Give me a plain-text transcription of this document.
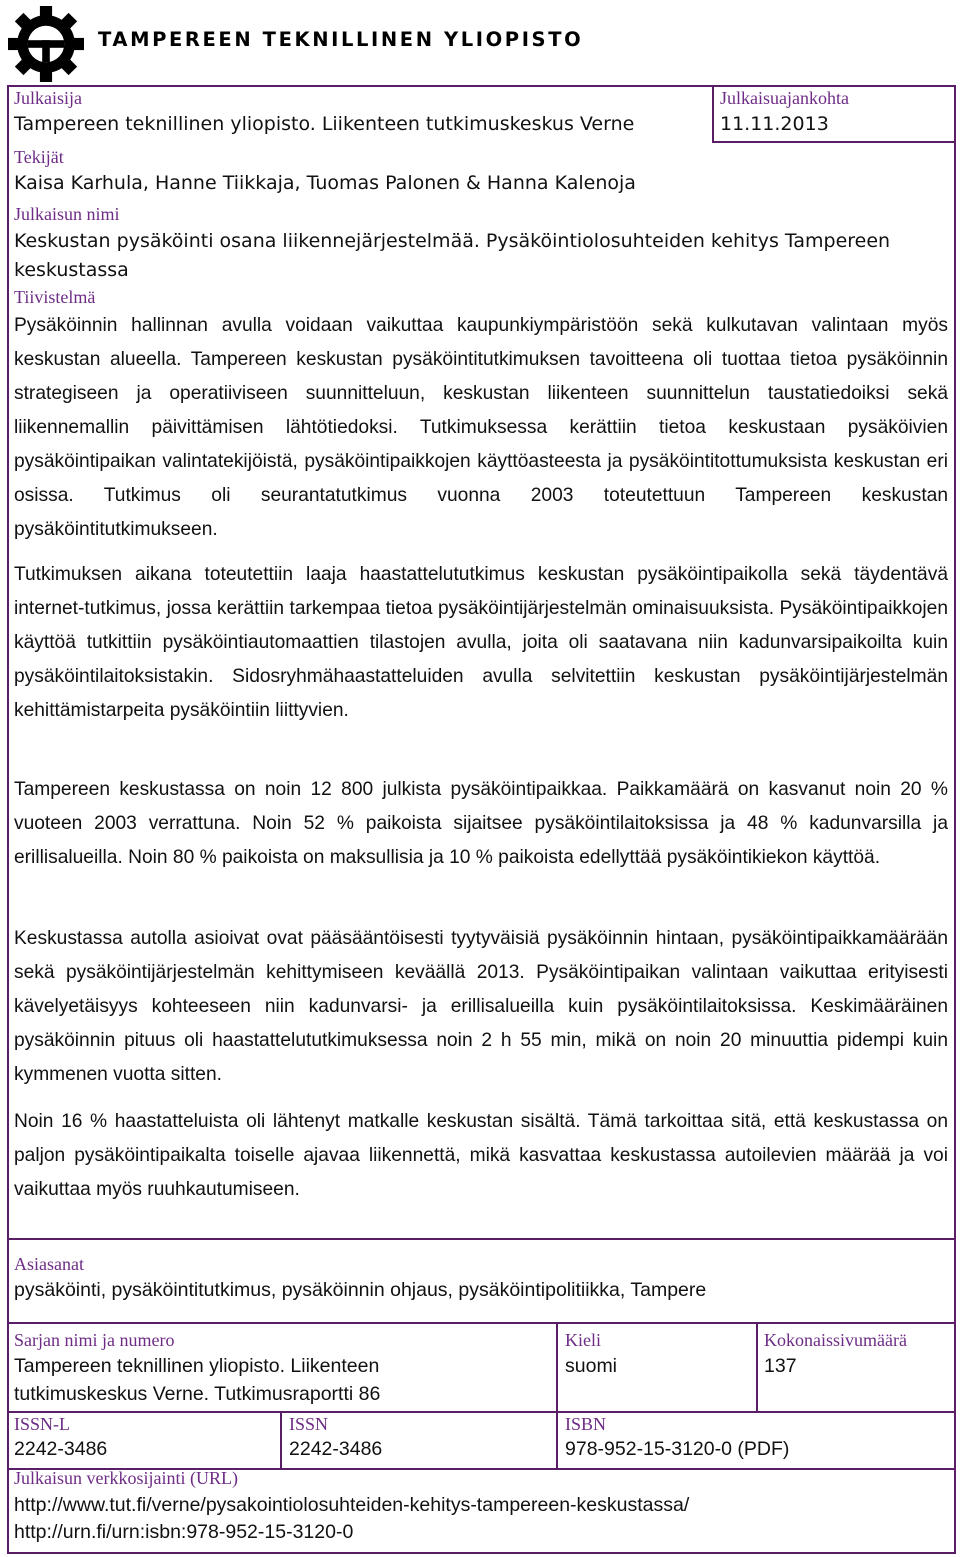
TAMPEREEN TEKNILLINEN YLIOPISTO
Julkaisija
Tampereen teknillinen yliopisto. Liikenteen tutkimuskeskus Verne
Julkaisuajankohta
11.11.2013
Tekijät
Kaisa Karhula, Hanne Tiikkaja, Tuomas Palonen & Hanna Kalenoja
Julkaisun nimi
Keskustan pysäköinti osana liikennejärjestelmää. Pysäköintiolosuhteiden kehitys Tampereen
keskustassa
Tiivistelmä

Pysäköinnin hallinnan avulla voidaan vaikuttaa kaupunkiympäristöön sekä kulkutavan valintaan myös keskustan alueella. Tampereen keskustan pysäköintitutkimuksen tavoitteena oli tuottaa tietoa pysäköinnin strategiseen ja operatiiviseen suunnitteluun, keskustan liikenteen suunnittelun taustatiedoiksi sekä liikennemallin päivittämisen lähtötiedoksi. Tutkimuksessa kerättiin tietoa keskustaan pysäköivien pysäköintipaikan valintatekijöistä, pysäköintipaikkojen käyttöasteesta ja pysäköintitottumuksista keskustan eri osissa. Tutkimus oli seurantatutkimus vuonna 2003 toteutettuun Tampereen keskustan pysäköintitutkimukseen.

Tutkimuksen aikana toteutettiin laaja haastattelututkimus keskustan pysäköintipaikolla sekä täydentävä internet-tutkimus, jossa kerättiin tarkempaa tietoa pysäköintijärjestelmän ominaisuuksista. Pysäköintipaikkojen käyttöä tutkittiin pysäköintiautomaattien tilastojen avulla, joita oli saatavana niin kadunvarsipaikoilta kuin pysäköintilaitoksistakin. Sidosryhmähaastatteluiden avulla selvitettiin keskustan pysäköintijärjestelmän kehittämistarpeita pysäköintiin liittyvien.

Tampereen keskustassa on noin 12 800 julkista pysäköintipaikkaa. Paikkamäärä on kasvanut noin 20 % vuoteen 2003 verrattuna. Noin 52 % paikoista sijaitsee pysäköintilaitoksissa ja 48 % kadunvarsilla ja erillisalueilla. Noin 80 % paikoista on maksullisia ja 10 % paikoista edellyttää pysäköintikiekon käyttöä.

Keskustassa autolla asioivat ovat pääsääntöisesti tyytyväisiä pysäköinnin hintaan, pysäköintipaikkamäärään sekä pysäköintijärjestelmän kehittymiseen keväällä 2013. Pysäköintipaikan valintaan vaikuttaa erityisesti kävelyetäisyys kohteeseen niin kadunvarsi- ja erillisalueilla kuin pysäköintilaitoksissa. Keskimääräinen pysäköinnin pituus oli haastattelututkimuksessa noin 2 h 55 min, mikä on noin 20 minuuttia pidempi kuin kymmenen vuotta sitten.

Noin 16 % haastatteluista oli lähtenyt matkalle keskustan sisältä. Tämä tarkoittaa sitä, että keskustassa on paljon pysäköintipaikalta toiselle ajavaa liikennettä, mikä kasvattaa keskustassa autoilevien määrää ja voi vaikuttaa myös ruuhkautumiseen.

Asiasanat
pysäköinti, pysäköintitutkimus, pysäköinnin ohjaus, pysäköintipolitiikka, Tampere
Sarjan nimi ja numero
Tampereen teknillinen yliopisto. Liikenteen
tutkimuskeskus Verne. Tutkimusraportti 86
Kieli
suomi
Kokonaissivumäärä
137
ISSN-L
2242-3486
ISSN
2242-3486
ISBN
978-952-15-3120-0 (PDF)
Julkaisun verkkosijainti (URL)
http://www.tut.fi/verne/pysakointiolosuhteiden-kehitys-tampereen-keskustassa/
http://urn.fi/urn:isbn:978-952-15-3120-0
